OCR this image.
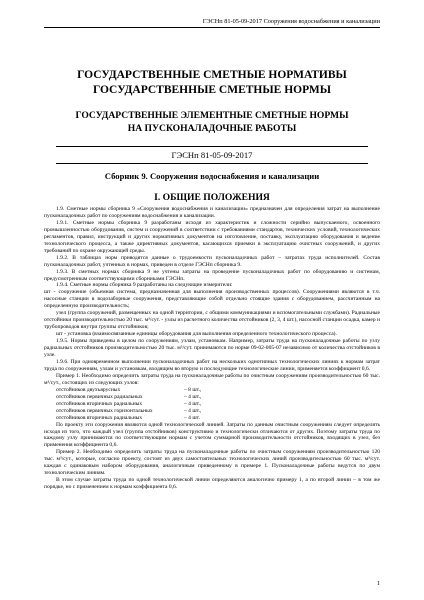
ГЭСНп 81-05-09-2017 Сооружения водоснабжения и канализации
ГОСУДАРСТВЕННЫЕ СМЕТНЫЕ НОРМАТИВЫ
ГОСУДАРСТВЕННЫЕ СМЕТНЫЕ НОРМЫ
ГОСУДАРСТВЕННЫЕ ЭЛЕМЕНТНЫЕ СМЕТНЫЕ НОРМЫ
НА ПУСКОНАЛАДОЧНЫЕ РАБОТЫ
ГЭСНп 81-05-09-2017
Сборник 9. Сооружения водоснабжения и канализации
I. ОБЩИЕ ПОЛОЖЕНИЯ

1.9. Сметные нормы сборника 9 «Сооружения водоснабжения и канализации» предназначен для определения затрат на выполнение пусконаладочных работ по сооружениям водоснабжения и канализации.

1.9.1. Сметные нормы сборника 9 разработаны исходя из характеристик и сложности серийно выпускаемого, освоенного промышленностью оборудования, систем и сооружений в соответствии с требованиями стандартов, технических условий, технологических регламентов, правил, инструкций и других нормативных документов на изготовление, поставку, эксплуатацию оборудования и ведение технологического процесса, а также директивных документов, касающихся приемки в эксплуатацию очистных сооружений, и других требований по охране окружающей среды.

1.9.2. В таблицах норм приводятся данные о трудоемкости пусконаладочных работ – затратах труда исполнителей. Состав пусконаладочных работ, учтенных в нормах, приведен в отделе ГЭСНп сборника 9.

1.9.3. В сметных нормах сборника 9 не учтены затраты на проведение пусконаладочных работ по оборудованию и системам, предусмотренным соответствующими сборниками ГЭСНп.

1.9.4. Сметные нормы сборника 9 разработаны на следующие измерители:

шт - сооружение (объемная система, предназначенная для выполнения производственных процессов). Сооружениями являются в т.ч. насосные станции в водозаборные сооружения, представляющие собой отдельно стоящие здания с оборудованием, рассчитанным на определенную производительность;

узел (группа сооружений, размещенных на одной территории, с общими коммуникациями и вспомогательными службами). Радиальные отстойники производительностью 20 тыс. м³/сут. - узлы из расчетного количества отстойников (2, 3, 4 шт.), насосной станции осадка, камер и трубопроводов внутри группы отстойников;

шт - установка (взаимосвязанные единицы оборудования для выполнения определенного технологического процесса).

1.9.5. Нормы приведены в целом по сооружениям, узлам, установкам. Например, затраты труда на пусконаладочные работы по узлу радиальных отстойников производительностью 20 тыс. м³/сут. принимаются по норме 09-02-005-07 независимо от количества отстойников в узле.

1.9.6. При одновременном выполнении пусконаладочных работ на нескольких однотипных технологических линиях к нормам затрат труда по сооружениям, узлам и установкам, входящим во вторую и последующие технологические линии, применяется коэффициент 0,6.

Пример 1. Необходимо определить затраты труда на пусконаладочные работы по очистным сооружениям производительностью 60 тыс. м³/сут., состоящих из следующих узлов:

отстойников двухъярусных	– 8 шт.,
отстойников первичных радиальных	– 4 шт.,
отстойников вторичных радиальных	– 4 шт.,
отстойников первичных горизонтальных	– 4 шт.,
отстойников вторичных радиальных	– 4 шт.

По проекту эти сооружения являются одной технологической линией. Затраты по данным очистным сооружениям следует определять исходя из того, что каждый узел (группа отстойников) конструктивно и технологически отличаются от других. Поэтому затраты труда по каждому узлу принимаются по соответствующим нормам с учетом суммарной производительности отстойников, входящих в узел, без применения коэффициента 0,6.

Пример 2. Необходимо определить затраты труда на пусконаладочные работы по очистным сооружениям производительностью 120 тыс. м³/сут., которые, согласно проекту, состоят из двух самостоятельных технологических линий производительностью 60 тыс. м³/сут. каждая с одинаковым набором оборудования, аналогичным приведенному в примере 1. Пусконаладочные работы ведутся по двум технологическим линиям.

В этом случае затраты труда по одной технологической линии определяются аналогично примеру 1, а по второй линии – в том же порядке, но с применением к нормам коэффициента 0,6.

1
